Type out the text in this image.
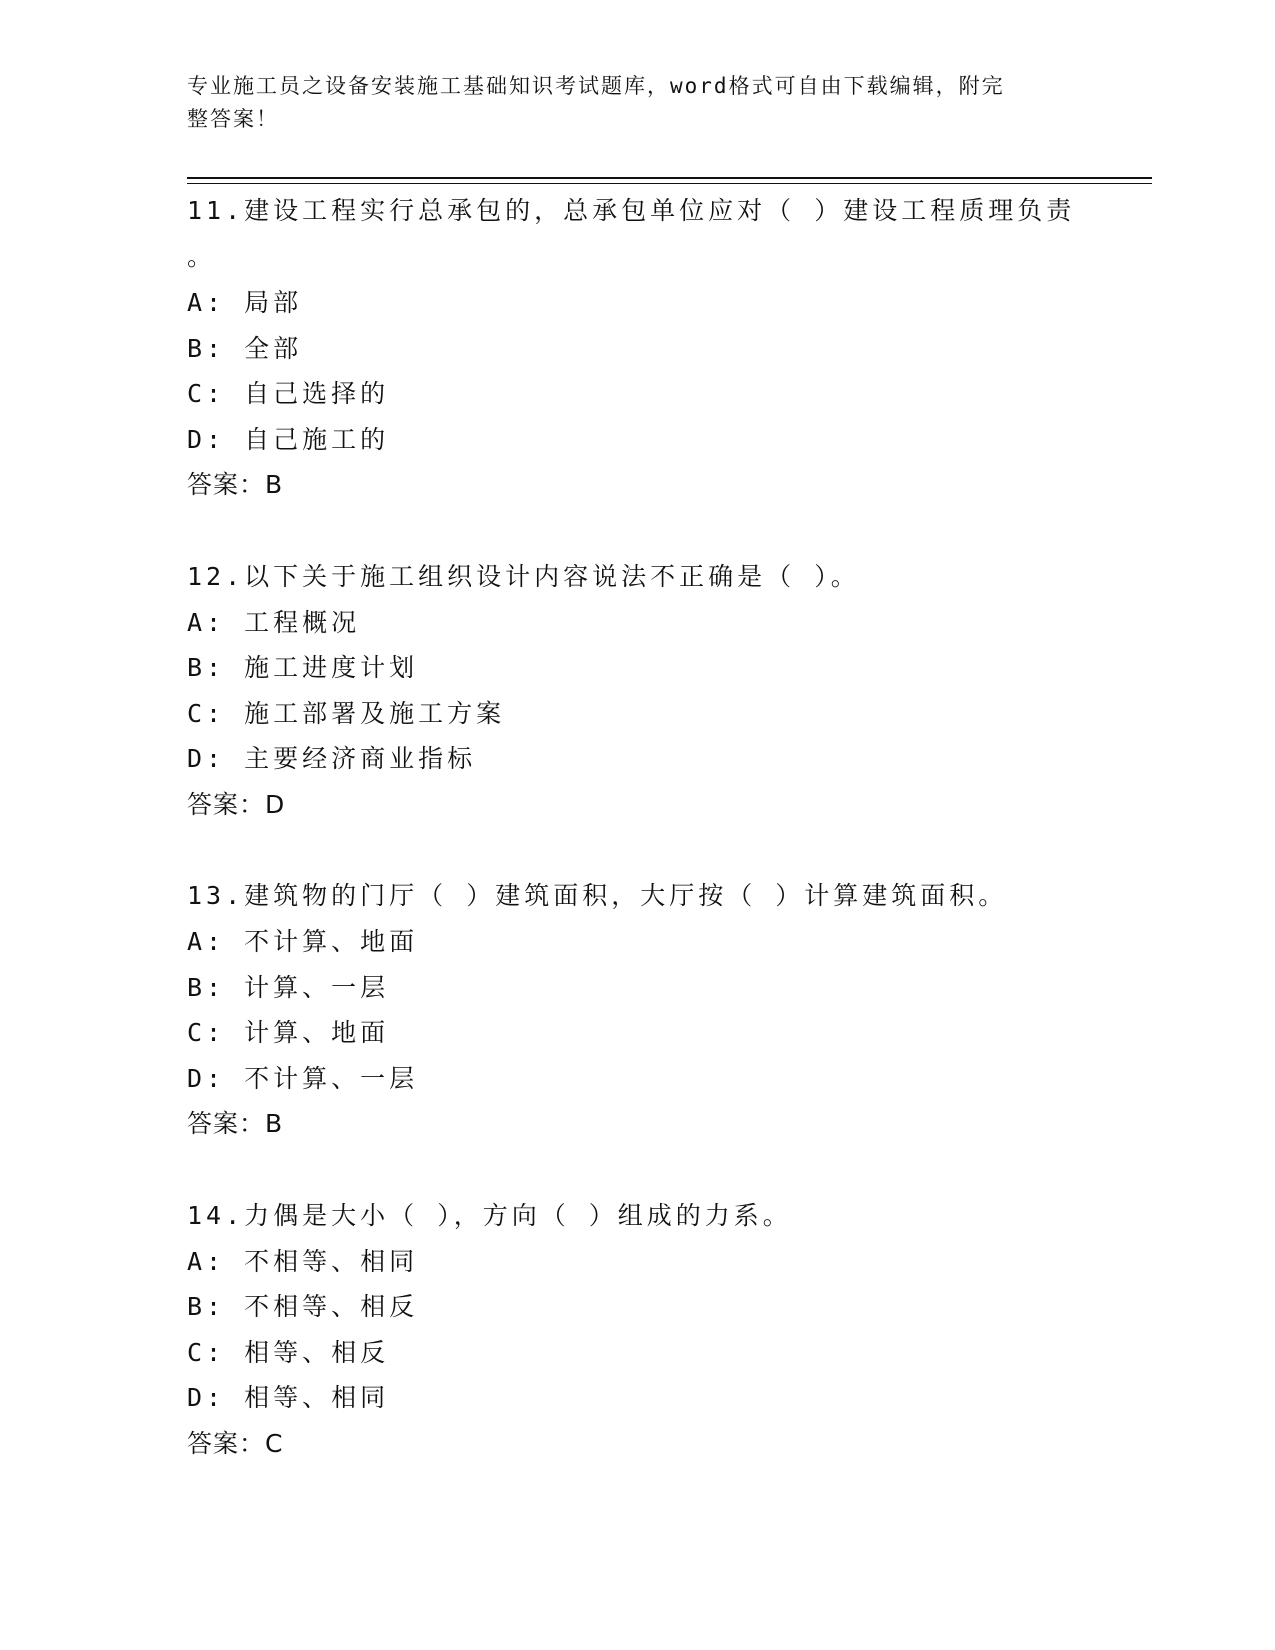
专业施工员之设备安装施工基础知识考试题库，word格式可自由下载编辑，附完
整答案！
11.建设工程实行总承包的，总承包单位应对（ ）建设工程质理负责
。
A: 局部
B: 全部
C: 自己选择的
D: 自己施工的
答案：B
12.以下关于施工组织设计内容说法不正确是（ ）。
A: 工程概况
B: 施工进度计划
C: 施工部署及施工方案
D: 主要经济商业指标
答案：D
13.建筑物的门厅（ ）建筑面积，大厅按（ ）计算建筑面积。
A: 不计算、地面
B: 计算、一层
C: 计算、地面
D: 不计算、一层
答案：B
14.力偶是大小（ ），方向（ ）组成的力系。
A: 不相等、相同
B: 不相等、相反
C: 相等、相反
D: 相等、相同
答案：C
